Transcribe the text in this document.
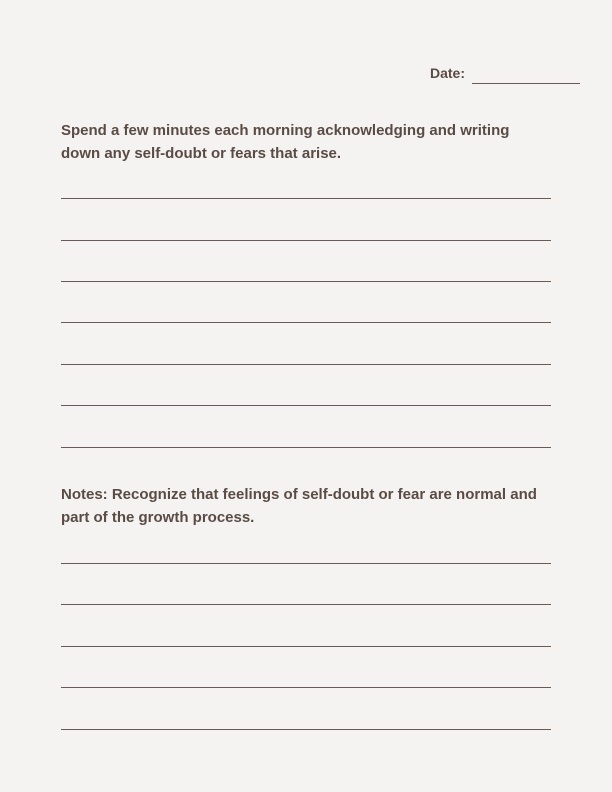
Date:

Spend a few minutes each morning acknowledging and writing down any self-doubt or fears that arise.

Notes: Recognize that feelings of self-doubt or fear are normal and part of the growth process.
